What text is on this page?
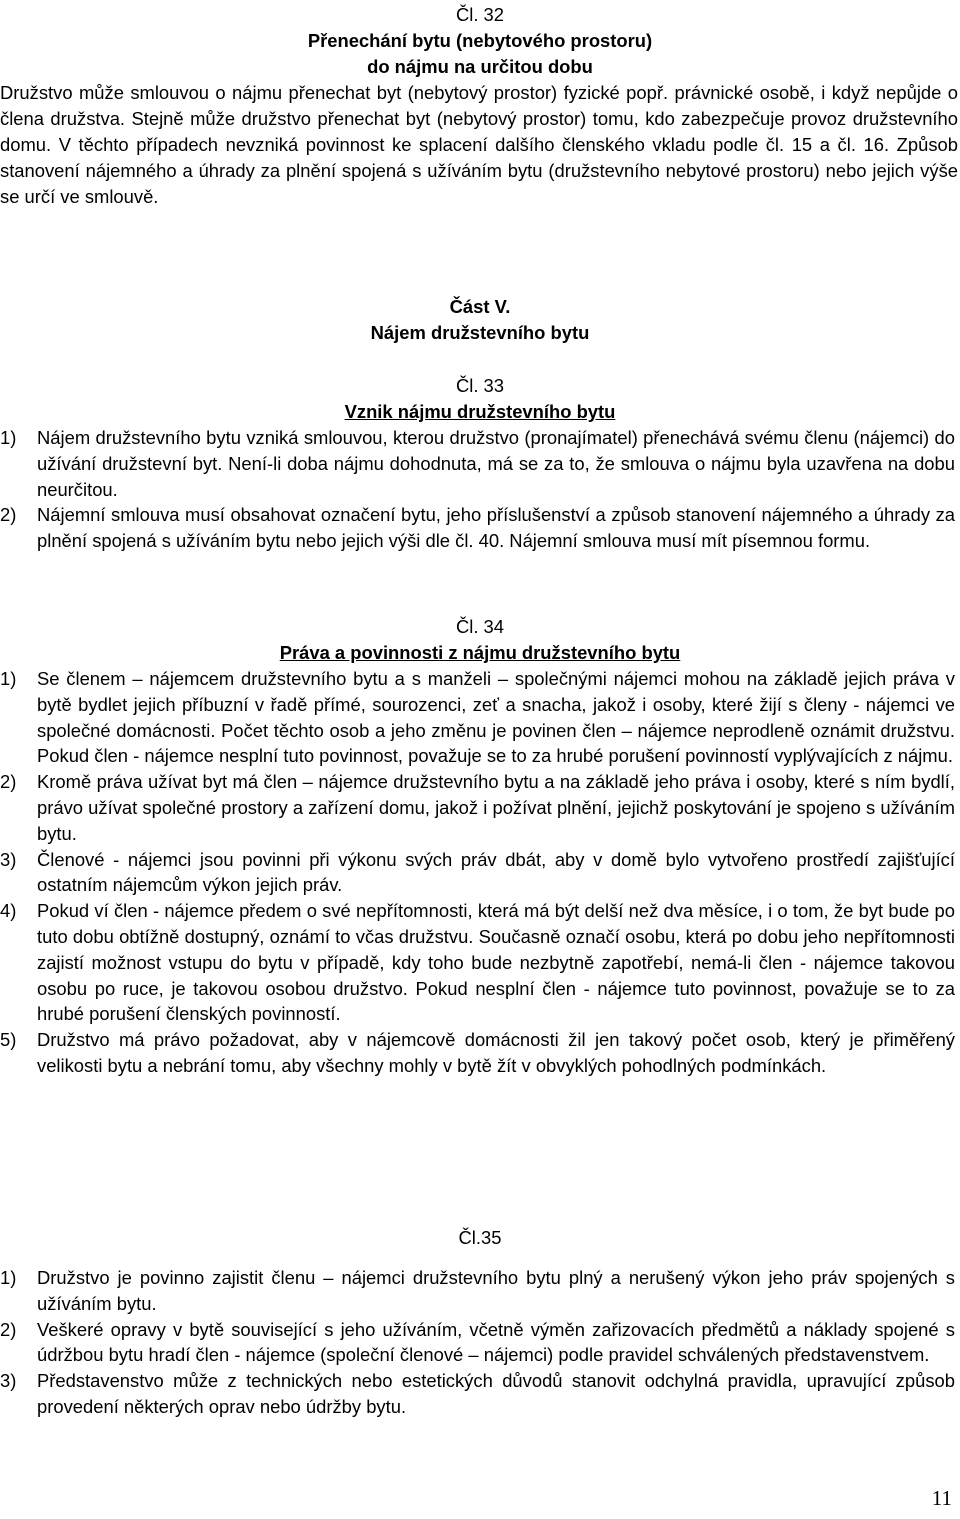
Čl. 32
Přenechání bytu (nebytového prostoru)
do nájmu na určitou dobu
Družstvo může smlouvou o nájmu přenechat byt (nebytový prostor) fyzické popř. právnické osobě, i když nepůjde o člena družstva. Stejně může družstvo přenechat byt (nebytový prostor) tomu, kdo zabezpečuje provoz družstevního domu. V těchto případech nevzniká povinnost ke splacení dalšího členského vkladu podle čl. 15 a čl. 16. Způsob stanovení nájemného a úhrady za plnění spojená s užíváním bytu (družstevního nebytové prostoru) nebo jejich výše se určí ve smlouvě.
Část V.
Nájem družstevního bytu
Čl. 33
Vznik nájmu družstevního bytu
1) Nájem družstevního bytu vzniká smlouvou, kterou družstvo (pronajímatel) přenechává svému členu (nájemci) do užívání družstevní byt. Není-li doba nájmu dohodnuta, má se za to, že smlouva o nájmu byla uzavřena na dobu neurčitou.
2) Nájemní smlouva musí obsahovat označení bytu, jeho příslušenství a způsob stanovení nájemného a úhrady za plnění spojená s užíváním bytu nebo jejich výši dle čl. 40. Nájemní smlouva musí mít písemnou formu.
Čl. 34
Práva a povinnosti z nájmu družstevního bytu
1) Se členem – nájemcem družstevního bytu a s manželi – společnými nájemci mohou na základě jejich práva v bytě bydlet jejich příbuzní v řadě přímé, sourozenci, zeť a snacha, jakož i osoby, které žijí s členy - nájemci ve společné domácnosti. Počet těchto osob a jeho změnu je povinen člen – nájemce neprodleně oznámit družstvu. Pokud člen - nájemce nesplní tuto povinnost, považuje se to za hrubé porušení povinností vyplývajících z nájmu.
2) Kromě práva užívat byt má člen – nájemce družstevního bytu a na základě jeho práva i osoby, které s ním bydlí, právo užívat společné prostory a zařízení domu, jakož i požívat plnění, jejichž poskytování je spojeno s užíváním bytu.
3) Členové - nájemci jsou povinni při výkonu svých práv dbát, aby v domě bylo vytvořeno prostředí zajišťující ostatním nájemcům výkon jejich práv.
4) Pokud ví člen - nájemce předem o své nepřítomnosti, která má být delší než dva měsíce, i o tom, že byt bude po tuto dobu obtížně dostupný, oznámí to včas družstvu. Současně označí osobu, která po dobu jeho nepřítomnosti zajistí možnost vstupu do bytu v případě, kdy toho bude nezbytně zapotřebí, nemá-li člen - nájemce takovou osobu po ruce, je takovou osobou družstvo. Pokud nesplní člen - nájemce tuto povinnost, považuje se to za hrubé porušení členských povinností.
5) Družstvo má právo požadovat, aby v nájemcově domácnosti žil jen takový počet osob, který je přiměřený velikosti bytu a nebrání tomu, aby všechny mohly v bytě žít v obvyklých pohodlných podmínkách.
Čl.35
1) Družstvo je povinno zajistit členu – nájemci družstevního bytu plný a nerušený výkon jeho práv spojených s užíváním bytu.
2) Veškeré opravy v bytě související s jeho užíváním, včetně výměn zařizovacích předmětů a náklady spojené s údržbou bytu hradí člen - nájemce (společní členové – nájemci) podle pravidel schválených představenstvem.
3) Představenstvo může z technických nebo estetických důvodů stanovit odchylná pravidla, upravující způsob provedení některých oprav nebo údržby bytu.
11
